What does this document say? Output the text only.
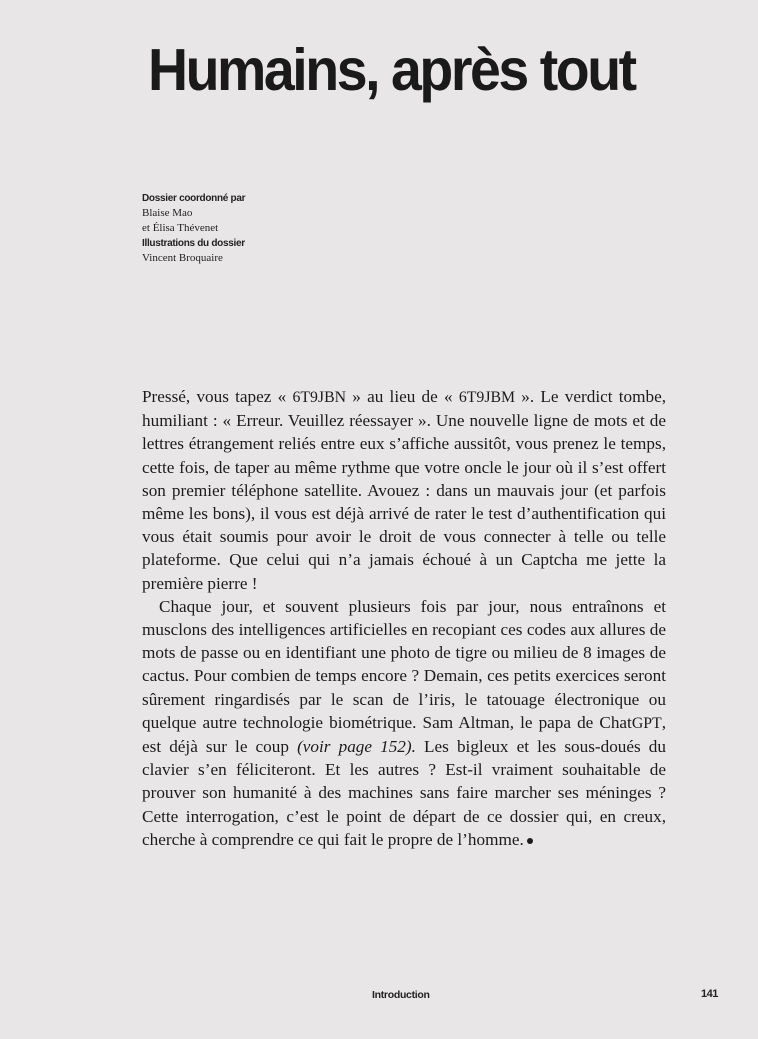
Humains, après tout
Dossier coordonné par
Blaise Mao
et Élisa Thévenet
Illustrations du dossier
Vincent Broquaire

Pressé, vous tapez « 6T9JBN » au lieu de « 6T9JBM ». Le verdict tombe, humiliant : « Erreur. Veuillez réessayer ». Une nouvelle ligne de mots et de lettres étrangement reliés entre eux s’affiche aussitôt, vous prenez le temps, cette fois, de taper au même rythme que votre oncle le jour où il s’est offert son premier téléphone satellite. Avouez : dans un mauvais jour (et parfois même les bons), il vous est déjà arrivé de rater le test d’authentification qui vous était soumis pour avoir le droit de vous connecter à telle ou telle plateforme. Que celui qui n’a jamais échoué à un Captcha me jette la première pierre !

Chaque jour, et souvent plusieurs fois par jour, nous entraînons et musclons des intelligences artificielles en recopiant ces codes aux allures de mots de passe ou en identifiant une photo de tigre ou milieu de 8 images de cactus. Pour combien de temps encore ? Demain, ces petits exercices seront sûrement ringardisés par le scan de l’iris, le tatouage électronique ou quelque autre technologie biométrique. Sam Altman, le papa de ChatGPT, est déjà sur le coup (voir page 152). Les bigleux et les sous-doués du clavier s’en féliciteront. Et les autres ? Est-il vraiment souhaitable de prouver son humanité à des machines sans faire marcher ses méninges ? Cette interrogation, c’est le point de départ de ce dossier qui, en creux, cherche à comprendre ce qui fait le propre de l’homme.

Introduction	141
